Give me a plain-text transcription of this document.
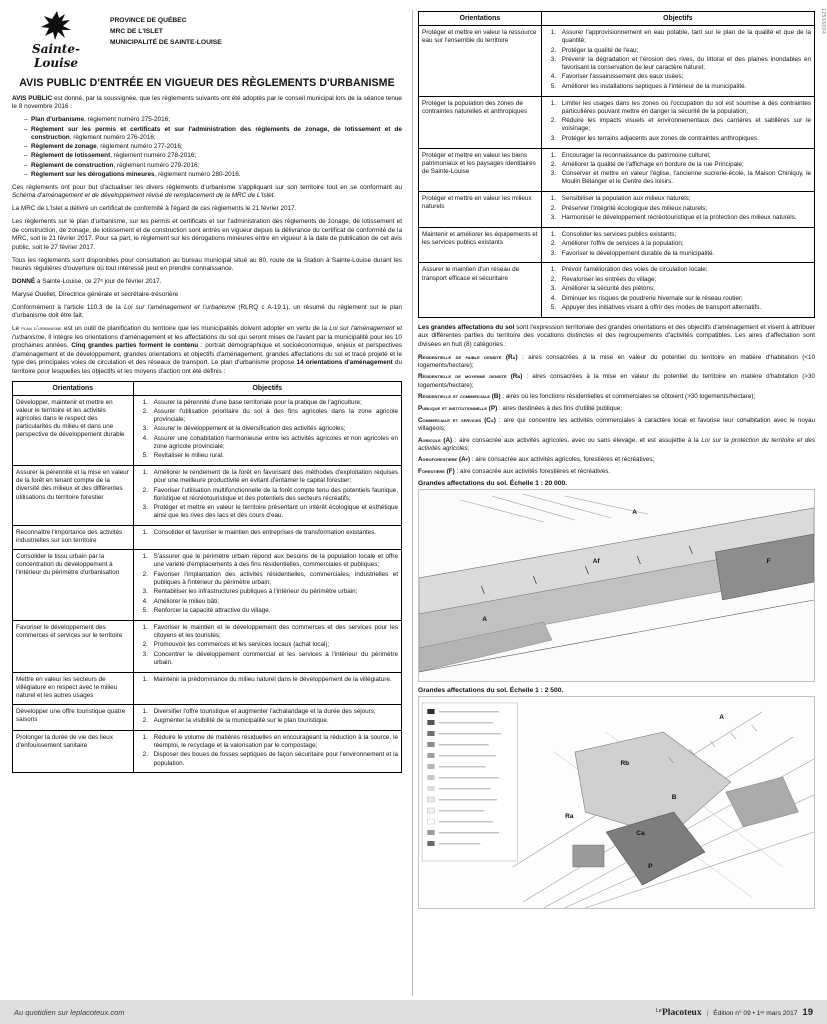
12516004
Sainte-Louise
PROVINCE DE QUÉBEC
MRC DE L'ISLET
MUNICIPALITÉ DE SAINTE-LOUISE
AVIS PUBLIC D'ENTRÉE EN VIGUEUR DES RÈGLEMENTS D'URBANISME

AVIS PUBLIC est donné, par la soussignée, que les règlements suivants ont été adoptés par le conseil municipal lors de la séance tenue le 8 novembre 2016 :

– Plan d'urbanisme, règlement numéro 275-2016;
– Règlement sur les permis et certificats et sur l'administration des règlements de zonage, de lotissement et de construction, règlement numéro 276-2016;
– Règlement de zonage, règlement numéro 277-2016;
– Règlement de lotissement, règlement numéro 278-2016;
– Règlement de construction, règlement numéro 279-2016;
– Règlement sur les dérogations mineures, règlement numéro 280-2016.

Ces règlements ont pour but d'actualiser les divers règlements d'urbanisme s'appliquant sur son territoire tout en se conformant au Schéma d'aménagement et de développement révisé de remplacement de la MRC de L'Islet.

La MRC de L'Islet a délivré un certificat de conformité à l'égard de ces règlements le 21 février 2017.

Les règlements sur le plan d'urbanisme, sur les permis et certificats et sur l'administration des règlements de zonage, de lotissement et de construction, de zonage, de lotissement et de construction sont entrés en vigueur depuis la délivrance du certificat de conformité de la MRC, soit le 21 février 2017. Pour sa part, le règlement sur les dérogations mineures entre en vigueur à la date de publication de cet avis public, soit le 27 février 2017.

Tous les règlements sont disponibles pour consultation au bureau municipal situé au 80, route de la Station à Sainte-Louise durant les heures régulières d'ouverture où tout intéressé peut en prendre connaissance.

DONNÉ à Sainte-Louise, ce 27ᵉ jour de février 2017.

Maryse Ouellet, Directrice générale et secrétaire-trésorière

Conformément à l'article 110.3 de la Loi sur l'aménagement et l'urbanisme (RLRQ c A-19.1), un résumé du règlement sur le plan d'urbanisme doit être fait.

Le plan d'urbanisme est un outil de planification du territoire que les municipalités doivent adopter en vertu de la Loi sur l'aménagement et l'urbanisme. Il intègre les orientations d'aménagement et les affectations du sol qui seront mises de l'avant par la municipalité pour les 10 prochaines années. Cinq grandes parties forment le contenu : portrait démographique et socioéconomique, enjeux et perspectives d'aménagement et de développement, grandes orientations et objectifs d'aménagement, grandes affectations du sol et tracé projeté et le type des principales voies de circulation et des réseaux de transport. Le plan d'urbanisme propose 14 orientations d'aménagement du territoire pour lesquelles les objectifs et les moyens d'action ont été définis :

Orientations	Objectifs
Développer, maintenir et mettre en valeur le territoire et les activités agricoles dans le respect des particularités du milieu et dans une perspective de développement durable	
1. Assurer la pérennité d'une base territoriale pour la pratique de l'agriculture;
2. Assurer l'utilisation prioritaire du sol à des fins agricoles dans la zone agricole provinciale;
3. Assurer le développement et la diversification des activités agricoles;
4. Assurer une cohabitation harmonieuse entre les activités agricoles et non agricoles en zone agricole provinciale;
5. Revitaliser le milieu rural.

Assurer la pérennité et la mise en valeur de la forêt en tenant compte de la diversité des milieux et des différentes utilisations du territoire forestier	
1. Améliorer le rendement de la forêt en favorisant des méthodes d'exploitation requises pour une meilleure productivité en évitant d'entamer le capital forestier;
2. Favoriser l'utilisation multifonctionnelle de la forêt compte tenu des potentiels faunique, floristique et récréotouristique et des potentiels des secteurs récréatifs;
3. Protéger et mettre en valeur le territoire présentant un intérêt écologique et esthétique ainsi que les rives des lacs et des cours d'eau.

Reconnaître l'importance des activités industrielles sur son territoire	
1. Consolider et favoriser le maintien des entreprises de transformation existantes.

Consolider le tissu urbain par la concentration du développement à l'intérieur du périmètre d'urbanisation	
1. S'assurer que le périmètre urbain répond aux besoins de la population locale et offre une variété d'emplacements à des fins résidentielles, commerciales et publiques;
2. Favoriser l'implantation des activités résidentielles, commerciales, industrielles et publiques à l'intérieur du périmètre urbain;
3. Rentabiliser les infrastructures publiques à l'intérieur du périmètre urbain;
4. Améliorer le milieu bâti;
5. Renforcer la capacité attractive du village.

Favoriser le développement des commerces et services sur le territoire	
1. Favoriser le maintien et le développement des commerces et des services pour les citoyens et les touristes;
2. Promouvoir les commerces et les services locaux (achat local);
3. Concentrer le développement commercial et les services à l'intérieur du périmètre urbain.

Mettre en valeur les secteurs de villégiature en respect avec le milieu naturel et les autres usages	
1. Maintenir la prédominance du milieu naturel dans le développement de la villégiature.

Développer une offre touristique quatre saisons	
1. Diversifier l'offre touristique et augmenter l'achalandage et la durée des séjours;
2. Augmenter la visibilité de la municipalité sur le plan touristique.

Prolonger la durée de vie des lieux d'enfouissement sanitaire	
1. Réduire le volume de matières résiduelles en encourageant la réduction à la source, le réemploi, le recyclage et la valorisation par le compostage;
2. Disposer des boues de fosses septiques de façon sécuritaire pour l'environnement et la population.
Orientations	Objectifs
Protéger et mettre en valeur la ressource eau sur l'ensemble du territoire	
1. Assurer l'approvisionnement en eau potable, tant sur le plan de la qualité et que de la quantité;
2. Protéger la qualité de l'eau;
3. Prévenir la dégradation et l'érosion des rives, du littoral et des plaines inondables en favorisant la conservation de leur caractère naturel;
4. Favoriser l'assainissement des eaux usées;
5. Améliorer les installations septiques à l'intérieur de la municipalité.

Protéger la population des zones de contraintes naturelles et anthropiques	
1. Limiter les usages dans les zones où l'occupation du sol est soumise à des contraintes particulières pouvant mettre en danger la sécurité de la population;
2. Réduire les impacts visuels et environnementaux des carrières et sablières sur le voisinage;
3. Protéger les terrains adjacents aux zones de contraintes anthropiques.

Protéger et mettre en valeur les biens patrimoniaux et les paysages identitaires de Sainte-Louise	
1. Encourager la reconnaissance du patrimoine culturel;
2. Améliorer la qualité de l'affichage en bordure de la rue Principale;
3. Conserver et mettre en valeur l'église, l'ancienne sucrerie-école, la Maison Chiniquy, le Moulin Bélanger et le Centre des loisirs.

Protéger et mettre en valeur les milieux naturels	
1. Sensibiliser la population aux milieux naturels;
2. Préserver l'intégrité écologique des milieux naturels;
3. Harmoniser le développement récréotouristique et la protection des milieux naturels.

Maintenir et améliorer les équipements et les services publics existants	
1. Consolider les services publics existants;
2. Améliorer l'offre de services à la population;
3. Favoriser le développement durable de la municipalité.

Assurer le maintien d'un réseau de transport efficace et sécuritaire	
1. Prévoir l'amélioration des voies de circulation locale;
2. Revaloriser les entrées du village;
3. Améliorer la sécurité des piétons;
4. Diminuer les risques de poudrerie hivernale sur le réseau routier;
5. Appuyer des initiatives visant à offrir des modes de transport alternatifs.

Les grandes affectations du sol sont l'expression territoriale des grandes orientations et des objectifs d'aménagement et visent à attribuer aux différentes parties du territoire des vocations distinctes et des regroupements d'activités compatibles. Les aires d'affectation sont divisées en huit (8) catégories :

Résidentielle de faible densité (Ra) : aires consacrées à la mise en valeur du potentiel du territoire en matière d'habitation (<10 logements/hectare);

Résidentielle de moyenne densité (Rb) : aires consacrées à la mise en valeur du potentiel du territoire en matière d'habitation (>30 logements/hectare);

Résidentielle et commerciale (B) : aires où les fonctions résidentielles et commerciales se côtoient (>30 logements/hectare);

Publique et institutionnelle (P) : aires destinées à des fins d'utilité publique;

Commerciale et services (Ca) : aire qui concentre les activités commerciales à caractère local et favorise leur cohabitation avec le noyau villageois;

Agricole (A) : aire consacrée aux activités agricoles, avec ou sans élevage, et est assujettie à la Loi sur la protection du territoire et des activités agricoles;

Agroforestière (Af) : aire consacrée aux activités agricoles, forestières et récréatives;

Forestière (F) : aire consacrée aux activités forestières et récréatives.

Grandes affectations du sol. Échelle 1 : 20 000.

A
Af
A
F

Grandes affectations du sol. Échelle 1 : 2 500.

A
Rb
Ra
B
Ca
P
Au quotidien sur leplacoteux.com	$^{Le}$Placoteux | Édition n° 09 • 1ᵉʳ mars 2017 19
